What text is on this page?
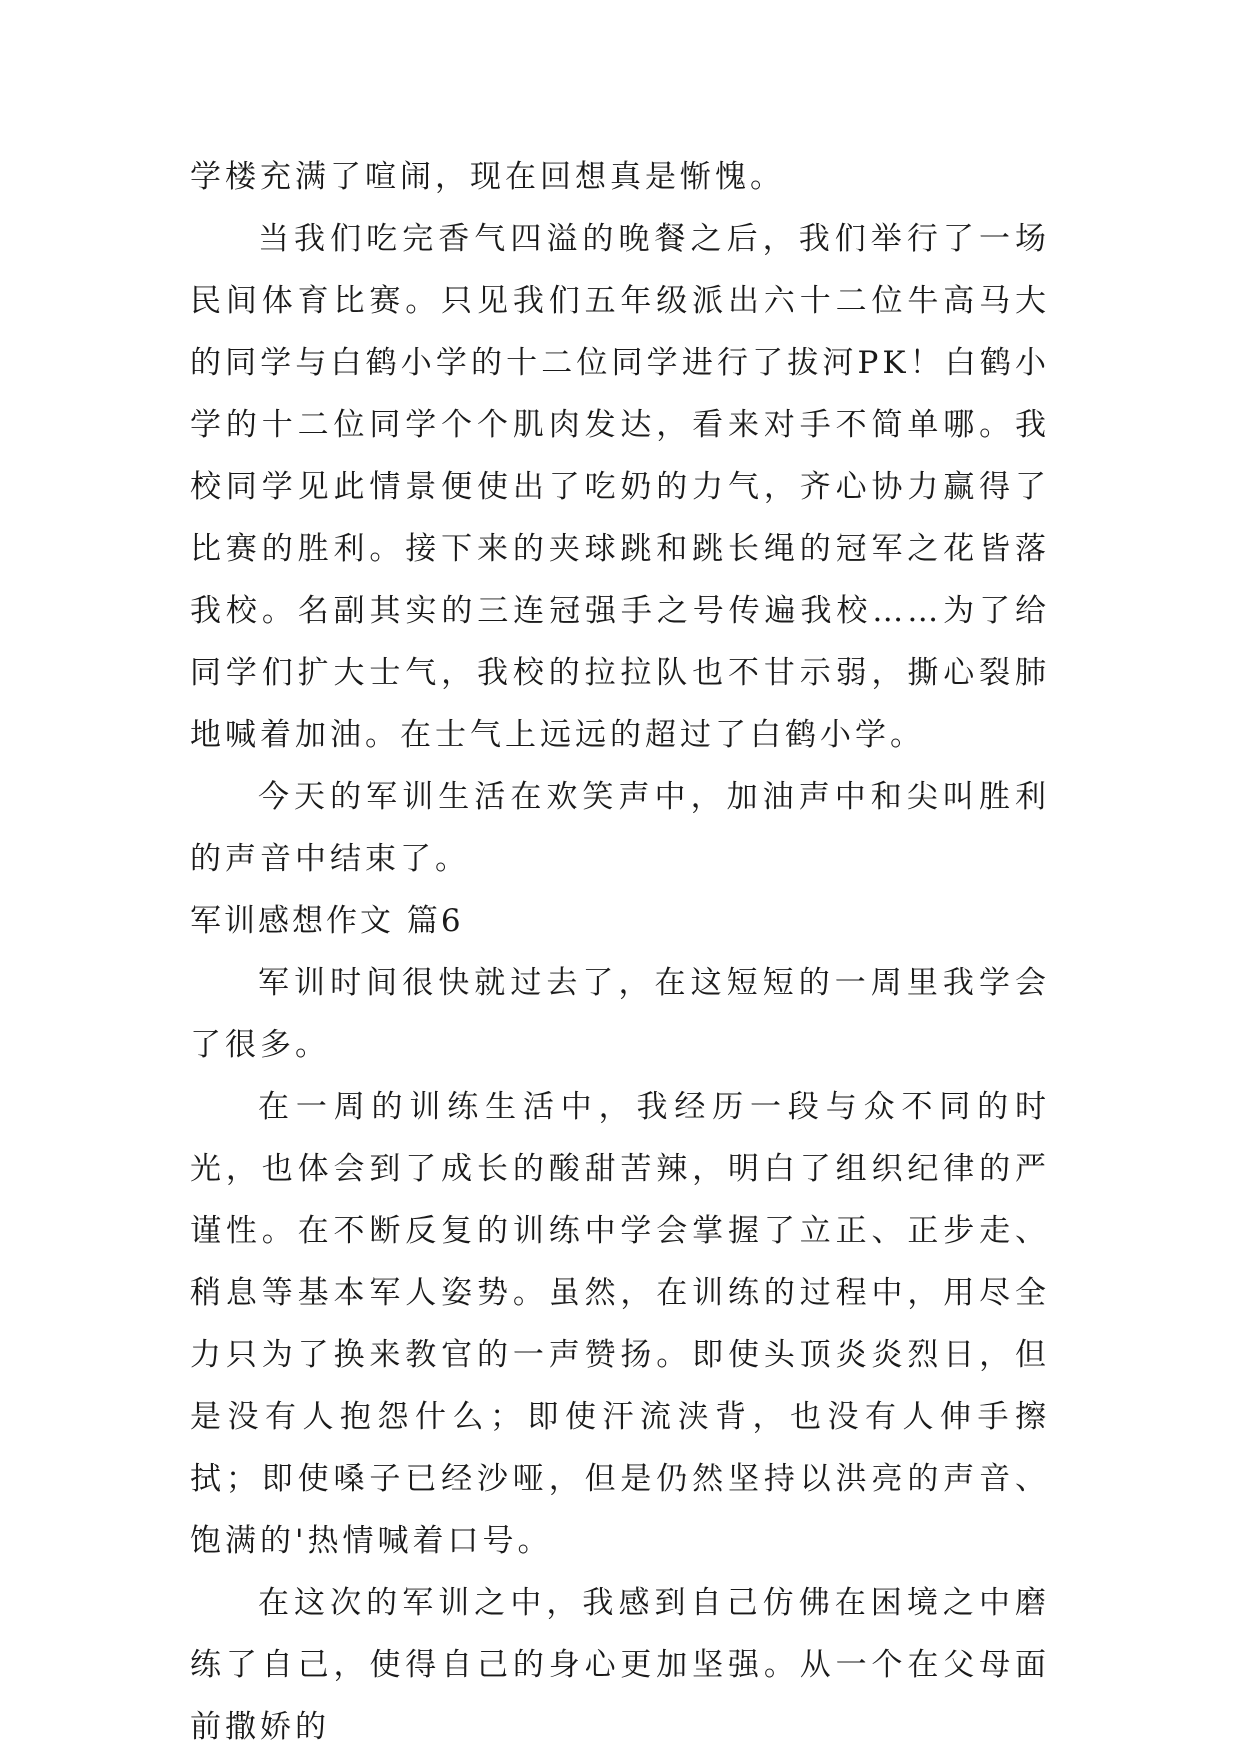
学楼充满了喧闹，现在回想真是惭愧。

当我们吃完香气四溢的晚餐之后，我们举行了一场民间体育比赛。只见我们五年级派出六十二位牛高马大的同学与白鹤小学的十二位同学进行了拔河PK！白鹤小学的十二位同学个个肌肉发达，看来对手不简单哪。我校同学见此情景便使出了吃奶的力气，齐心协力赢得了比赛的胜利。接下来的夹球跳和跳长绳的冠军之花皆落我校。名副其实的三连冠强手之号传遍我校……为了给同学们扩大士气，我校的拉拉队也不甘示弱，撕心裂肺地喊着加油。在士气上远远的超过了白鹤小学。

今天的军训生活在欢笑声中，加油声中和尖叫胜利的声音中结束了。

军训感想作文 篇6

军训时间很快就过去了，在这短短的一周里我学会了很多。

在一周的训练生活中，我经历一段与众不同的时光，也体会到了成长的酸甜苦辣，明白了组织纪律的严谨性。在不断反复的训练中学会掌握了立正、正步走、稍息等基本军人姿势。虽然，在训练的过程中，用尽全力只为了换来教官的一声赞扬。即使头顶炎炎烈日，但是没有人抱怨什么；即使汗流浃背，也没有人伸手擦拭；即使嗓子已经沙哑，但是仍然坚持以洪亮的声音、饱满的'热情喊着口号。

在这次的军训之中，我感到自己仿佛在困境之中磨练了自己，使得自己的身心更加坚强。从一个在父母面前撒娇的
